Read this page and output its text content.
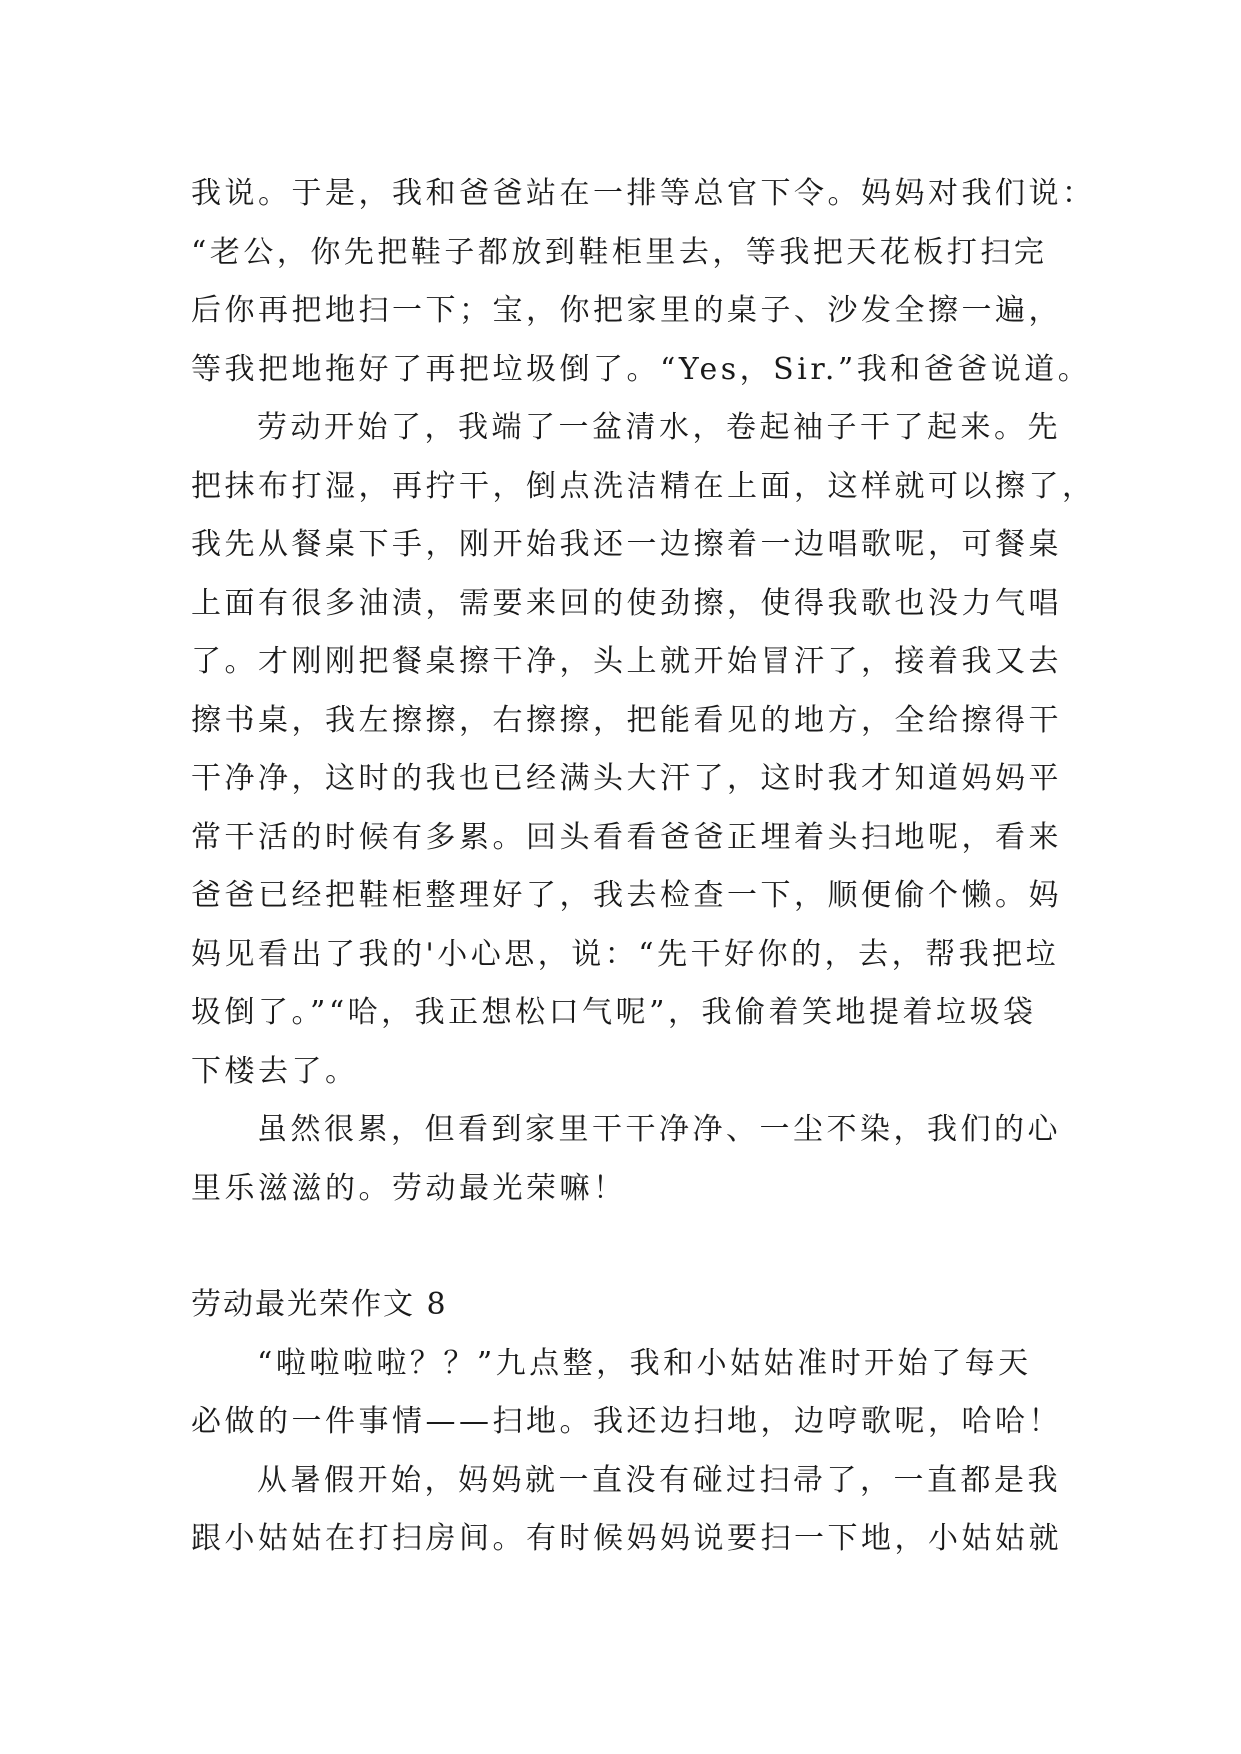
我说。于是，我和爸爸站在一排等总官下令。妈妈对我们说：
“老公，你先把鞋子都放到鞋柜里去，等我把天花板打扫完
后你再把地扫一下；宝，你把家里的桌子、沙发全擦一遍，
等我把地拖好了再把垃圾倒了。“Yes，Sir.”我和爸爸说道。

劳动开始了，我端了一盆清水，卷起袖子干了起来。先
把抹布打湿，再拧干，倒点洗洁精在上面，这样就可以擦了，
我先从餐桌下手，刚开始我还一边擦着一边唱歌呢，可餐桌
上面有很多油渍，需要来回的使劲擦，使得我歌也没力气唱
了。才刚刚把餐桌擦干净，头上就开始冒汗了，接着我又去
擦书桌，我左擦擦，右擦擦，把能看见的地方，全给擦得干
干净净，这时的我也已经满头大汗了，这时我才知道妈妈平
常干活的时候有多累。回头看看爸爸正埋着头扫地呢，看来
爸爸已经把鞋柜整理好了，我去检查一下，顺便偷个懒。妈
妈见看出了我的'小心思，说：“先干好你的，去，帮我把垃
圾倒了。”“哈，我正想松口气呢”，我偷着笑地提着垃圾袋
下楼去了。

虽然很累，但看到家里干干净净、一尘不染，我们的心
里乐滋滋的。劳动最光荣嘛！

劳动最光荣作文 8

“啦啦啦啦？？”九点整，我和小姑姑准时开始了每天
必做的一件事情——扫地。我还边扫地，边哼歌呢，哈哈！

从暑假开始，妈妈就一直没有碰过扫帚了，一直都是我
跟小姑姑在打扫房间。有时候妈妈说要扫一下地，小姑姑就
